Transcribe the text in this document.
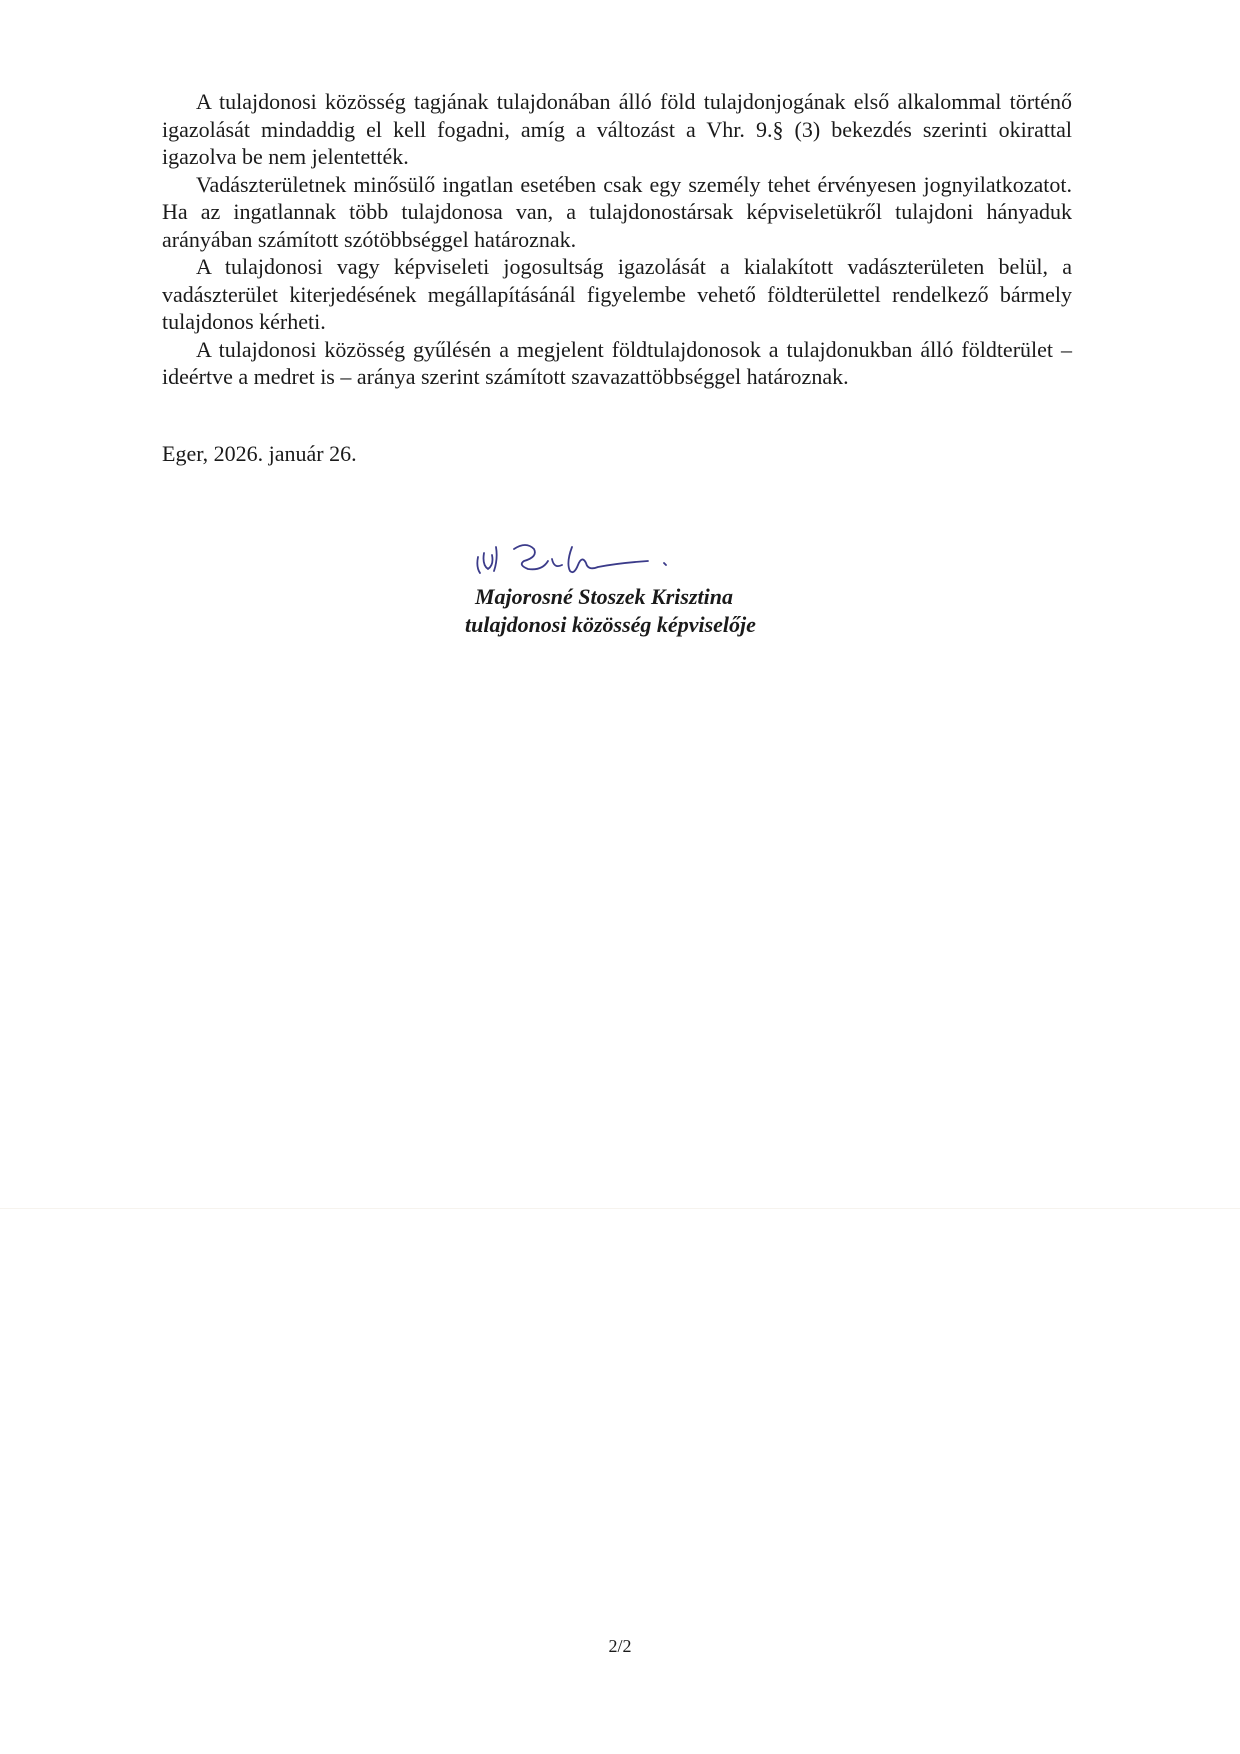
A tulajdonosi közösség tagjának tulajdonában álló föld tulajdonjogának első alkalommal történő igazolását mindaddig el kell fogadni, amíg a változást a Vhr. 9.§ (3) bekezdés szerinti okirattal igazolva be nem jelentették.

Vadászterületnek minősülő ingatlan esetében csak egy személy tehet érvényesen jognyilatkozatot. Ha az ingatlannak több tulajdonosa van, a tulajdonostársak képviseletükről tulajdoni hányaduk arányában számított szótöbbséggel határoznak.

A tulajdonosi vagy képviseleti jogosultság igazolását a kialakított vadászterületen belül, a vadászterület kiterjedésének megállapításánál figyelembe vehető földterülettel rendelkező bármely tulajdonos kérheti.

A tulajdonosi közösség gyűlésén a megjelent földtulajdonosok a tulajdonukban álló földterület – ideértve a medret is – aránya szerint számított szavazattöbbséggel határoznak.

Eger, 2026. január 26.
Majorosné Stoszek Krisztina
tulajdonosi közösség képviselője
2/2
